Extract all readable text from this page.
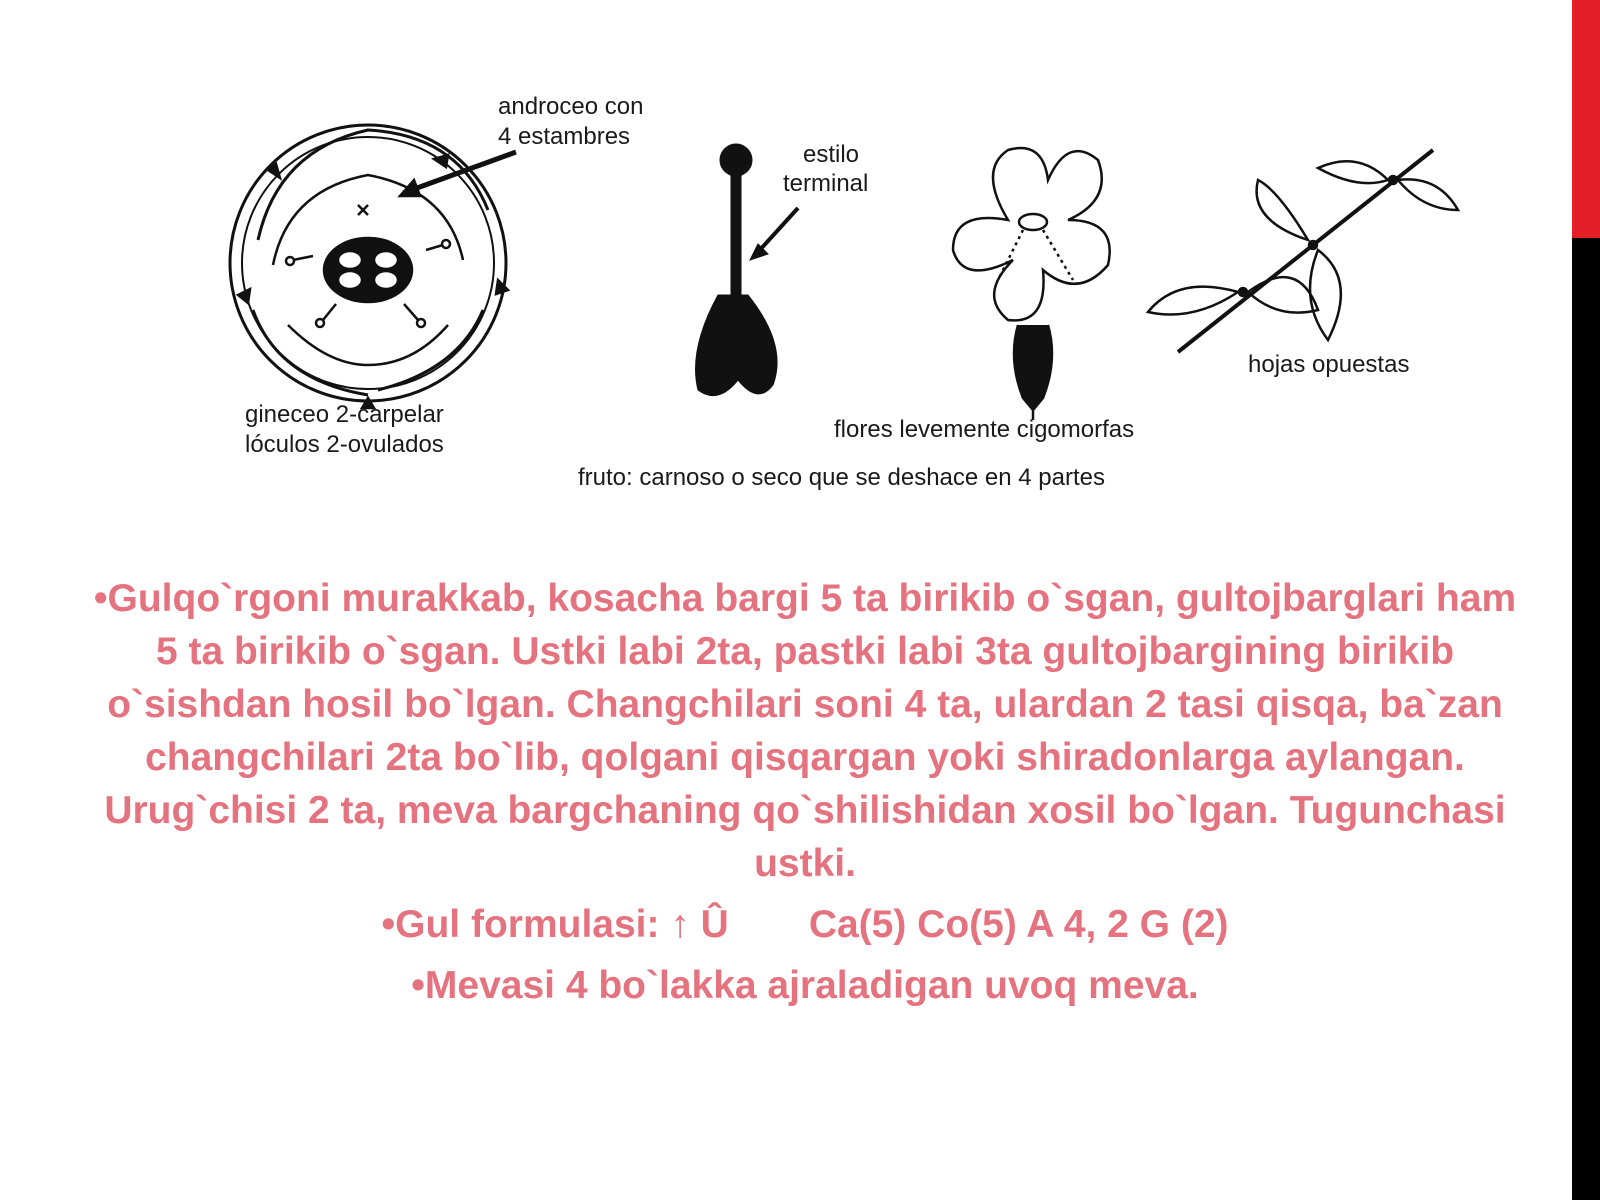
androceo con
4 estambres
estilo
terminal
gineceo 2-carpelar
lóculos 2-ovulados
flores levemente cigomorfas
hojas opuestas
fruto: carnoso o seco que se deshace en 4 partes

•Gulqo`rgoni murakkab, kosacha bargi 5 ta birikib o`sgan, gultojbarglari ham 5 ta birikib o`sgan. Ustki labi 2ta, pastki labi 3ta gultojbargining birikib o`sishdan hosil bo`lgan. Changchilari soni 4 ta, ulardan 2 tasi qisqa, ba`zan changchilari 2ta bo`lib, qolgani qisqargan yoki shiradonlarga aylangan. Urug`chisi 2 ta, meva bargchaning qo`shilishidan xosil bo`lgan. Tugunchasi ustki.

•Gul formulasi: ↑ Û Ca(5) Co(5) A 4, 2 G (2)

•Mevasi 4 bo`lakka ajraladigan uvoq meva.
